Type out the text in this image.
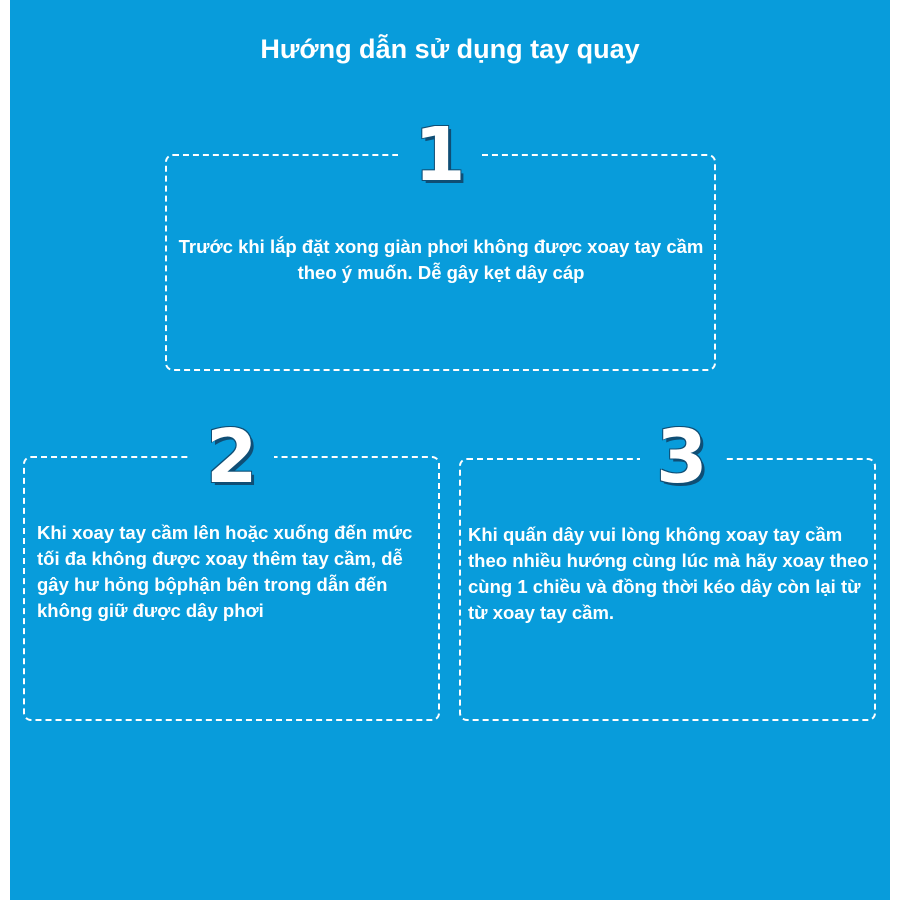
Hướng dẫn sử dụng tay quay
1

Trước khi lắp đặt xong giàn phơi không được xoay tay cầm theo ý muốn. Dễ gây kẹt dây cáp

2

Khi xoay tay cầm lên hoặc xuống đến mức tối đa không được xoay thêm tay cầm, dễ gây hư hỏng bộphận bên trong dẫn đến không giữ được dây phơi

3

Khi quấn dây vui lòng không xoay tay cầm theo nhiều hướng cùng lúc mà hãy xoay theo cùng 1 chiều và đồng thời kéo dây còn lại từ từ xoay tay cầm.
